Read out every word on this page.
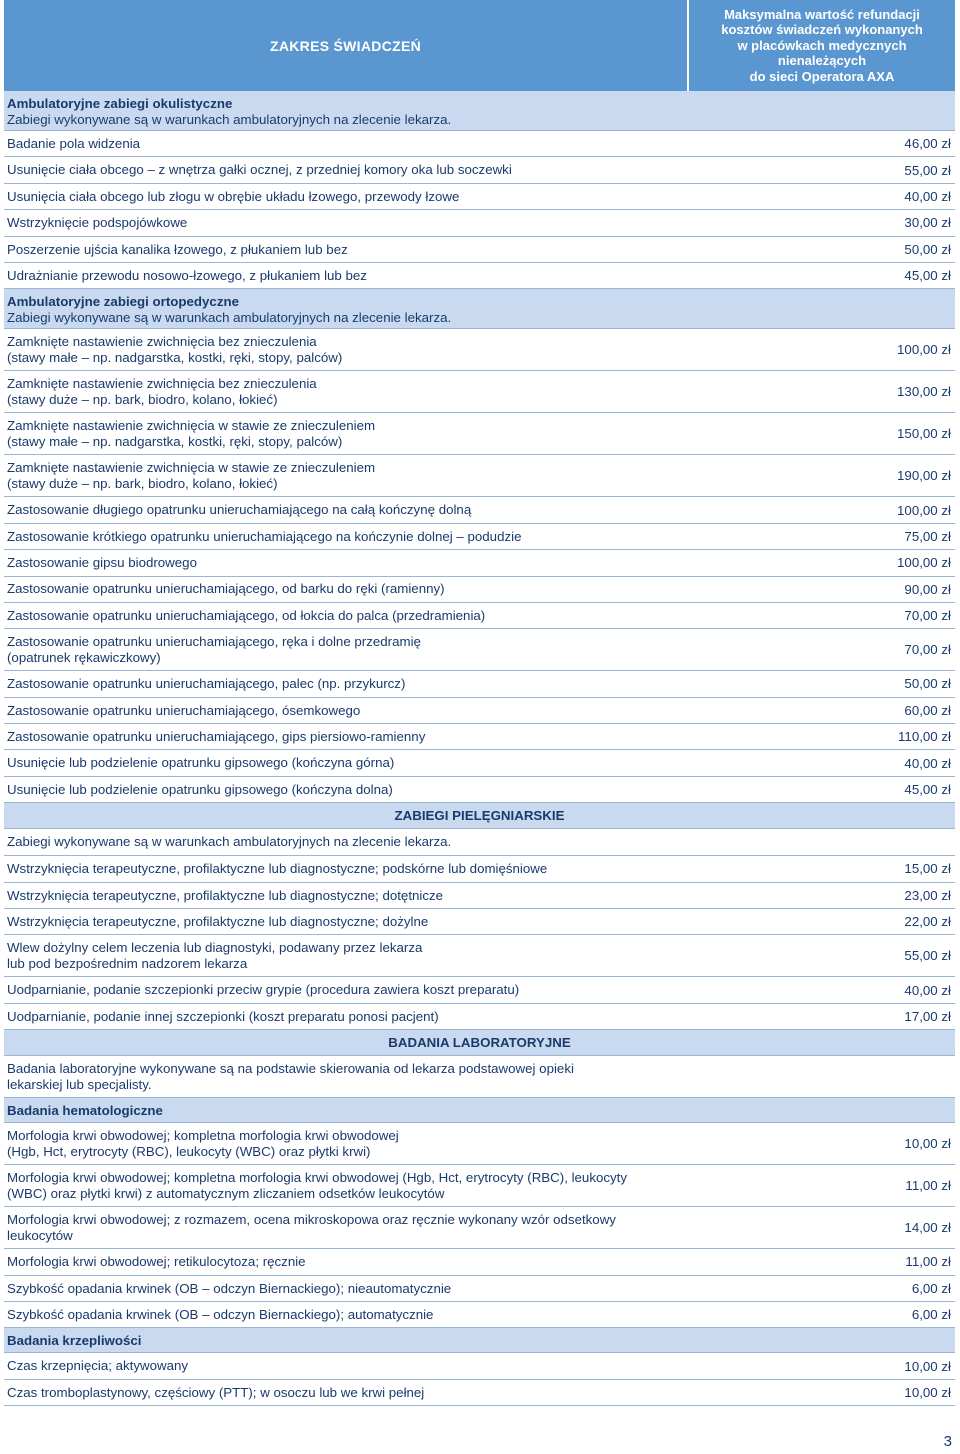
ZAKRES ŚWIADCZEŃ
Maksymalna wartość refundacji
kosztów świadczeń wykonanych
w placówkach medycznych
nienależących
do sieci Operatora AXA
Ambulatoryjne zabiegi okulistyczne
Zabiegi wykonywane są w warunkach ambulatoryjnych na zlecenie lekarza.
Badanie pola widzenia	46,00 zł
Usunięcie ciała obcego – z wnętrza gałki ocznej, z przedniej komory oka lub soczewki	55,00 zł
Usunięcia ciała obcego lub złogu w obrębie układu łzowego, przewody łzowe	40,00 zł
Wstrzyknięcie podspojówkowe	30,00 zł
Poszerzenie ujścia kanalika łzowego, z płukaniem lub bez	50,00 zł
Udrażnianie przewodu nosowo-łzowego, z płukaniem lub bez	45,00 zł
Ambulatoryjne zabiegi ortopedyczne
Zabiegi wykonywane są w warunkach ambulatoryjnych na zlecenie lekarza.
Zamknięte nastawienie zwichnięcia bez znieczulenia
(stawy małe – np. nadgarstka, kostki, ręki, stopy, palców)	100,00 zł
Zamknięte nastawienie zwichnięcia bez znieczulenia
(stawy duże – np. bark, biodro, kolano, łokieć)	130,00 zł
Zamknięte nastawienie zwichnięcia w stawie ze znieczuleniem
(stawy małe – np. nadgarstka, kostki, ręki, stopy, palców)	150,00 zł
Zamknięte nastawienie zwichnięcia w stawie ze znieczuleniem
(stawy duże – np. bark, biodro, kolano, łokieć)	190,00 zł
Zastosowanie długiego opatrunku unieruchamiającego na całą kończynę dolną	100,00 zł
Zastosowanie krótkiego opatrunku unieruchamiającego na kończynie dolnej – podudzie	75,00 zł
Zastosowanie gipsu biodrowego	100,00 zł
Zastosowanie opatrunku unieruchamiającego, od barku do ręki (ramienny)	90,00 zł
Zastosowanie opatrunku unieruchamiającego, od łokcia do palca (przedramienia)	70,00 zł
Zastosowanie opatrunku unieruchamiającego, ręka i dolne przedramię
(opatrunek rękawiczkowy)	70,00 zł
Zastosowanie opatrunku unieruchamiającego, palec (np. przykurcz)	50,00 zł
Zastosowanie opatrunku unieruchamiającego, ósemkowego	60,00 zł
Zastosowanie opatrunku unieruchamiającego, gips piersiowo-ramienny	110,00 zł
Usunięcie lub podzielenie opatrunku gipsowego (kończyna górna)	40,00 zł
Usunięcie lub podzielenie opatrunku gipsowego (kończyna dolna)	45,00 zł
ZABIEGI PIELĘGNIARSKIE
Zabiegi wykonywane są w warunkach ambulatoryjnych na zlecenie lekarza.
Wstrzyknięcia terapeutyczne, profilaktyczne lub diagnostyczne; podskórne lub domięśniowe	15,00 zł
Wstrzyknięcia terapeutyczne, profilaktyczne lub diagnostyczne; dotętnicze	23,00 zł
Wstrzyknięcia terapeutyczne, profilaktyczne lub diagnostyczne; dożylne	22,00 zł
Wlew dożylny celem leczenia lub diagnostyki, podawany przez lekarza
lub pod bezpośrednim nadzorem lekarza	55,00 zł
Uodparnianie, podanie szczepionki przeciw grypie (procedura zawiera koszt preparatu)	40,00 zł
Uodparnianie, podanie innej szczepionki (koszt preparatu ponosi pacjent)	17,00 zł
BADANIA LABORATORYJNE
Badania laboratoryjne wykonywane są na podstawie skierowania od lekarza podstawowej opieki
lekarskiej lub specjalisty.
Badania hematologiczne
Morfologia krwi obwodowej; kompletna morfologia krwi obwodowej
(Hgb, Hct, erytrocyty (RBC), leukocyty (WBC) oraz płytki krwi)	10,00 zł
Morfologia krwi obwodowej; kompletna morfologia krwi obwodowej (Hgb, Hct, erytrocyty (RBC), leukocyty
(WBC) oraz płytki krwi) z automatycznym zliczaniem odsetków leukocytów	11,00 zł
Morfologia krwi obwodowej; z rozmazem, ocena mikroskopowa oraz ręcznie wykonany wzór odsetkowy
leukocytów	14,00 zł
Morfologia krwi obwodowej; retikulocytoza; ręcznie	11,00 zł
Szybkość opadania krwinek (OB – odczyn Biernackiego); nieautomatycznie	6,00 zł
Szybkość opadania krwinek (OB – odczyn Biernackiego); automatycznie	6,00 zł
Badania krzepliwości
Czas krzepnięcia; aktywowany	10,00 zł
Czas tromboplastynowy, częściowy (PTT); w osoczu lub we krwi pełnej	10,00 zł
3
